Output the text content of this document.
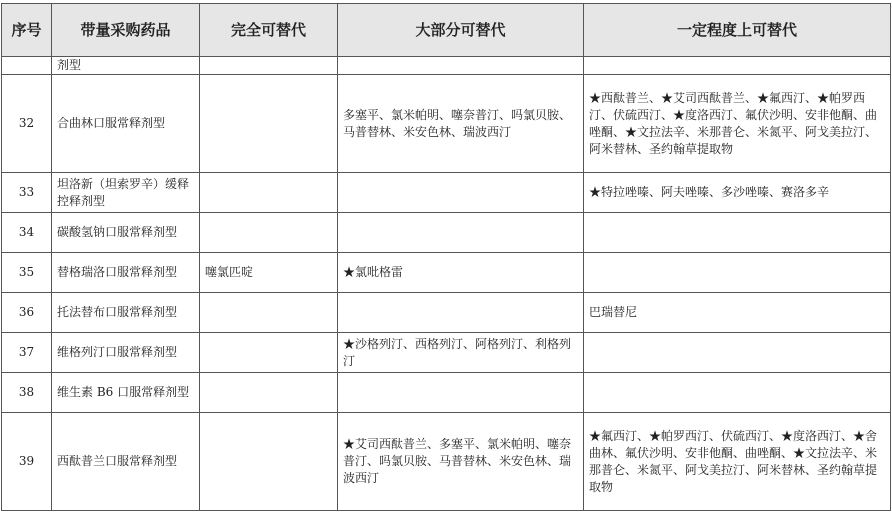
序号	带量采购药品	完全可替代	大部分可替代	一定程度上可替代
	剂型			
32	合曲林口服常释剂型		多塞平、氯米帕明、噻奈普汀、吗氯贝胺、马普替林、米安色林、瑞波西汀	★西酞普兰、★艾司西酞普兰、★氟西汀、★帕罗西汀、伏硫西汀、★度洛西汀、氟伏沙明、安非他酮、曲唑酮、★文拉法辛、米那普仑、米氮平、阿戈美拉汀、阿米替林、圣约翰草提取物
33	坦洛新（坦索罗辛）缓释控释剂型			★特拉唑嗪、阿夫唑嗪、多沙唑嗪、赛洛多辛
34	碳酸氢钠口服常释剂型			
35	替格瑞洛口服常释剂型	噻氯匹啶	★氯吡格雷	
36	托法替布口服常释剂型			巴瑞替尼
37	维格列汀口服常释剂型		★沙格列汀、西格列汀、阿格列汀、利格列汀	
38	维生素 B6 口服常释剂型			
39	西酞普兰口服常释剂型		★艾司西酞普兰、多塞平、氯米帕明、噻奈普汀、吗氯贝胺、马普替林、米安色林、瑞波西汀	★氟西汀、★帕罗西汀、伏硫西汀、★度洛西汀、★舍曲林、氟伏沙明、安非他酮、曲唑酮、★文拉法辛、米那普仑、米氮平、阿戈美拉汀、阿米替林、圣约翰草提取物
